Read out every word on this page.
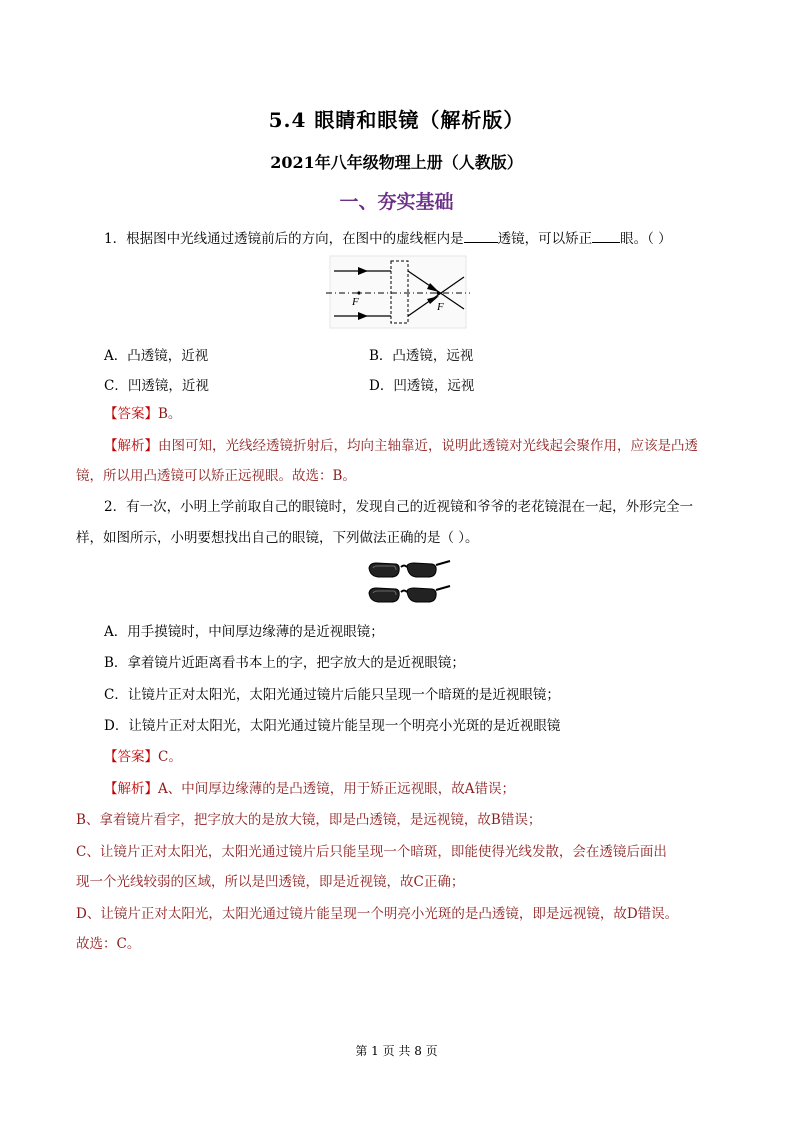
5.4 眼睛和眼镜（解析版）
2021年八年级物理上册（人教版）
一、夯实基础
1．根据图中光线通过透镜前后的方向，在图中的虚线框内是	透镜，可以矫正 眼。（ ）
F	F
A．凸透镜，近视	B．凸透镜，远视
C．凹透镜，近视	D．凹透镜，远视
【答案】B。
【解析】由图可知，光线经透镜折射后，均向主轴靠近，说明此透镜对光线起会聚作用，应该是凸透
镜，所以用凸透镜可以矫正远视眼。故选：B。
2．有一次，小明上学前取自己的眼镜时，发现自己的近视镜和爷爷的老花镜混在一起，外形完全一
样，如图所示，小明要想找出自己的眼镜，下列做法正确的是（ ）。
A．用手摸镜时，中间厚边缘薄的是近视眼镜；
B．拿着镜片近距离看书本上的字，把字放大的是近视眼镜；
C．让镜片正对太阳光，太阳光通过镜片后能只呈现一个暗斑的是近视眼镜；
D．让镜片正对太阳光，太阳光通过镜片能呈现一个明亮小光斑的是近视眼镜
【答案】C。
【解析】A、中间厚边缘薄的是凸透镜，用于矫正远视眼，故A错误；
B、拿着镜片看字，把字放大的是放大镜，即是凸透镜，是远视镜，故B错误；
C、让镜片正对太阳光，太阳光通过镜片后只能呈现一个暗斑，即能使得光线发散，会在透镜后面出
现一个光线较弱的区域，所以是凹透镜，即是近视镜，故C正确；
D、让镜片正对太阳光，太阳光通过镜片能呈现一个明亮小光斑的是凸透镜，即是远视镜，故D错误。
故选：C。
第 1 页 共 8 页
